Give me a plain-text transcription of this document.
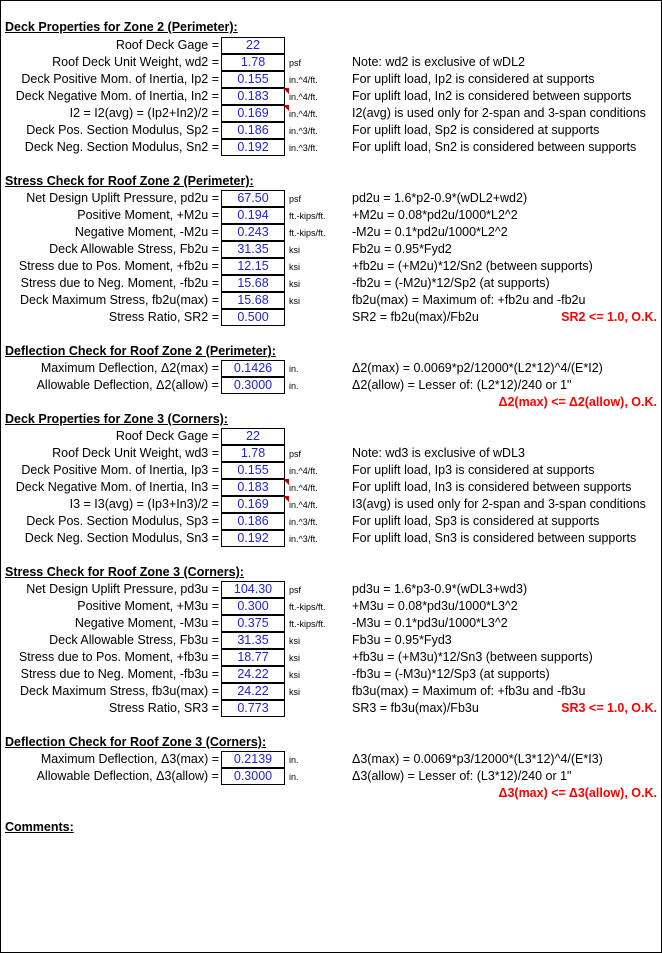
Deck Properties for Zone 2 (Perimeter):
Roof Deck Gage =	22
Roof Deck Unit Weight, wd2 =	1.78	psf	Note: wd2 is exclusive of wDL2
Deck Positive Mom. of Inertia, Ip2 =	0.155	in.^4/ft.	For uplift load, Ip2 is considered at supports
Deck Negative Mom. of Inertia, In2 =	0.183	in.^4/ft.	For uplift load, In2 is considered between supports
I2 = I2(avg) = (Ip2+In2)/2 =	0.169	in.^4/ft.	I2(avg) is used only for 2-span and 3-span conditions
Deck Pos. Section Modulus, Sp2 =	0.186	in.^3/ft.	For uplift load, Sp2 is considered at supports
Deck Neg. Section Modulus, Sn2 =	0.192	in.^3/ft.	For uplift load, Sn2 is considered between supports
Stress Check for Roof Zone 2 (Perimeter):
Net Design Uplift Pressure, pd2u =	67.50	psf	pd2u = 1.6*p2-0.9*(wDL2+wd2)
Positive Moment, +M2u =	0.194	ft.-kips/ft. +M2u = 0.08*pd2u/1000*L2^2
Negative Moment, -M2u =	0.243	ft.-kips/ft. -M2u = 0.1*pd2u/1000*L2^2
Deck Allowable Stress, Fb2u =	31.35	ksi	Fb2u = 0.95*Fyd2
Stress due to Pos. Moment, +fb2u =	12.15	ksi	+fb2u = (+M2u)*12/Sn2 (between supports)
Stress due to Neg. Moment, -fb2u =	15.68	ksi	-fb2u = (-M2u)*12/Sp2 (at supports)
Deck Maximum Stress, fb2u(max) =	15.68	ksi	fb2u(max) = Maximum of: +fb2u and -fb2u
Stress Ratio, SR2 =	0.500	SR2 = fb2u(max)/Fb2u	SR2 <= 1.0, O.K.
Deflection Check for Roof Zone 2 (Perimeter):
Maximum Deflection, Δ2(max) =	0.1426	in.	Δ2(max) = 0.0069*p2/12000*(L2*12)^4/(E*I2)
Allowable Deflection, Δ2(allow) =	0.3000	in.	Δ2(allow) = Lesser of: (L2*12)/240 or 1"
Δ2(max) <= Δ2(allow), O.K.
Deck Properties for Zone 3 (Corners):
Roof Deck Gage =	22
Roof Deck Unit Weight, wd3 =	1.78	psf	Note: wd3 is exclusive of wDL3
Deck Positive Mom. of Inertia, Ip3 =	0.155	in.^4/ft.	For uplift load, Ip3 is considered at supports
Deck Negative Mom. of Inertia, In3 =	0.183	in.^4/ft.	For uplift load, In3 is considered between supports
I3 = I3(avg) = (Ip3+In3)/2 =	0.169	in.^4/ft.	I3(avg) is used only for 2-span and 3-span conditions
Deck Pos. Section Modulus, Sp3 =	0.186	in.^3/ft.	For uplift load, Sp3 is considered at supports
Deck Neg. Section Modulus, Sn3 =	0.192	in.^3/ft.	For uplift load, Sn3 is considered between supports
Stress Check for Roof Zone 3 (Corners):
Net Design Uplift Pressure, pd3u =	104.30	psf	pd3u = 1.6*p3-0.9*(wDL3+wd3)
Positive Moment, +M3u =	0.300	ft.-kips/ft. +M3u = 0.08*pd3u/1000*L3^2
Negative Moment, -M3u =	0.375	ft.-kips/ft. -M3u = 0.1*pd3u/1000*L3^2
Deck Allowable Stress, Fb3u =	31.35	ksi	Fb3u = 0.95*Fyd3
Stress due to Pos. Moment, +fb3u =	18.77	ksi	+fb3u = (+M3u)*12/Sn3 (between supports)
Stress due to Neg. Moment, -fb3u =	24.22	ksi	-fb3u = (-M3u)*12/Sp3 (at supports)
Deck Maximum Stress, fb3u(max) =	24.22	ksi	fb3u(max) = Maximum of: +fb3u and -fb3u
Stress Ratio, SR3 =	0.773	SR3 = fb3u(max)/Fb3u	SR3 <= 1.0, O.K.
Deflection Check for Roof Zone 3 (Corners):
Maximum Deflection, Δ3(max) =	0.2139	in.	Δ3(max) = 0.0069*p3/12000*(L3*12)^4/(E*I3)
Allowable Deflection, Δ3(allow) =	0.3000	in.	Δ3(allow) = Lesser of: (L3*12)/240 or 1"
Δ3(max) <= Δ3(allow), O.K.
Comments:
